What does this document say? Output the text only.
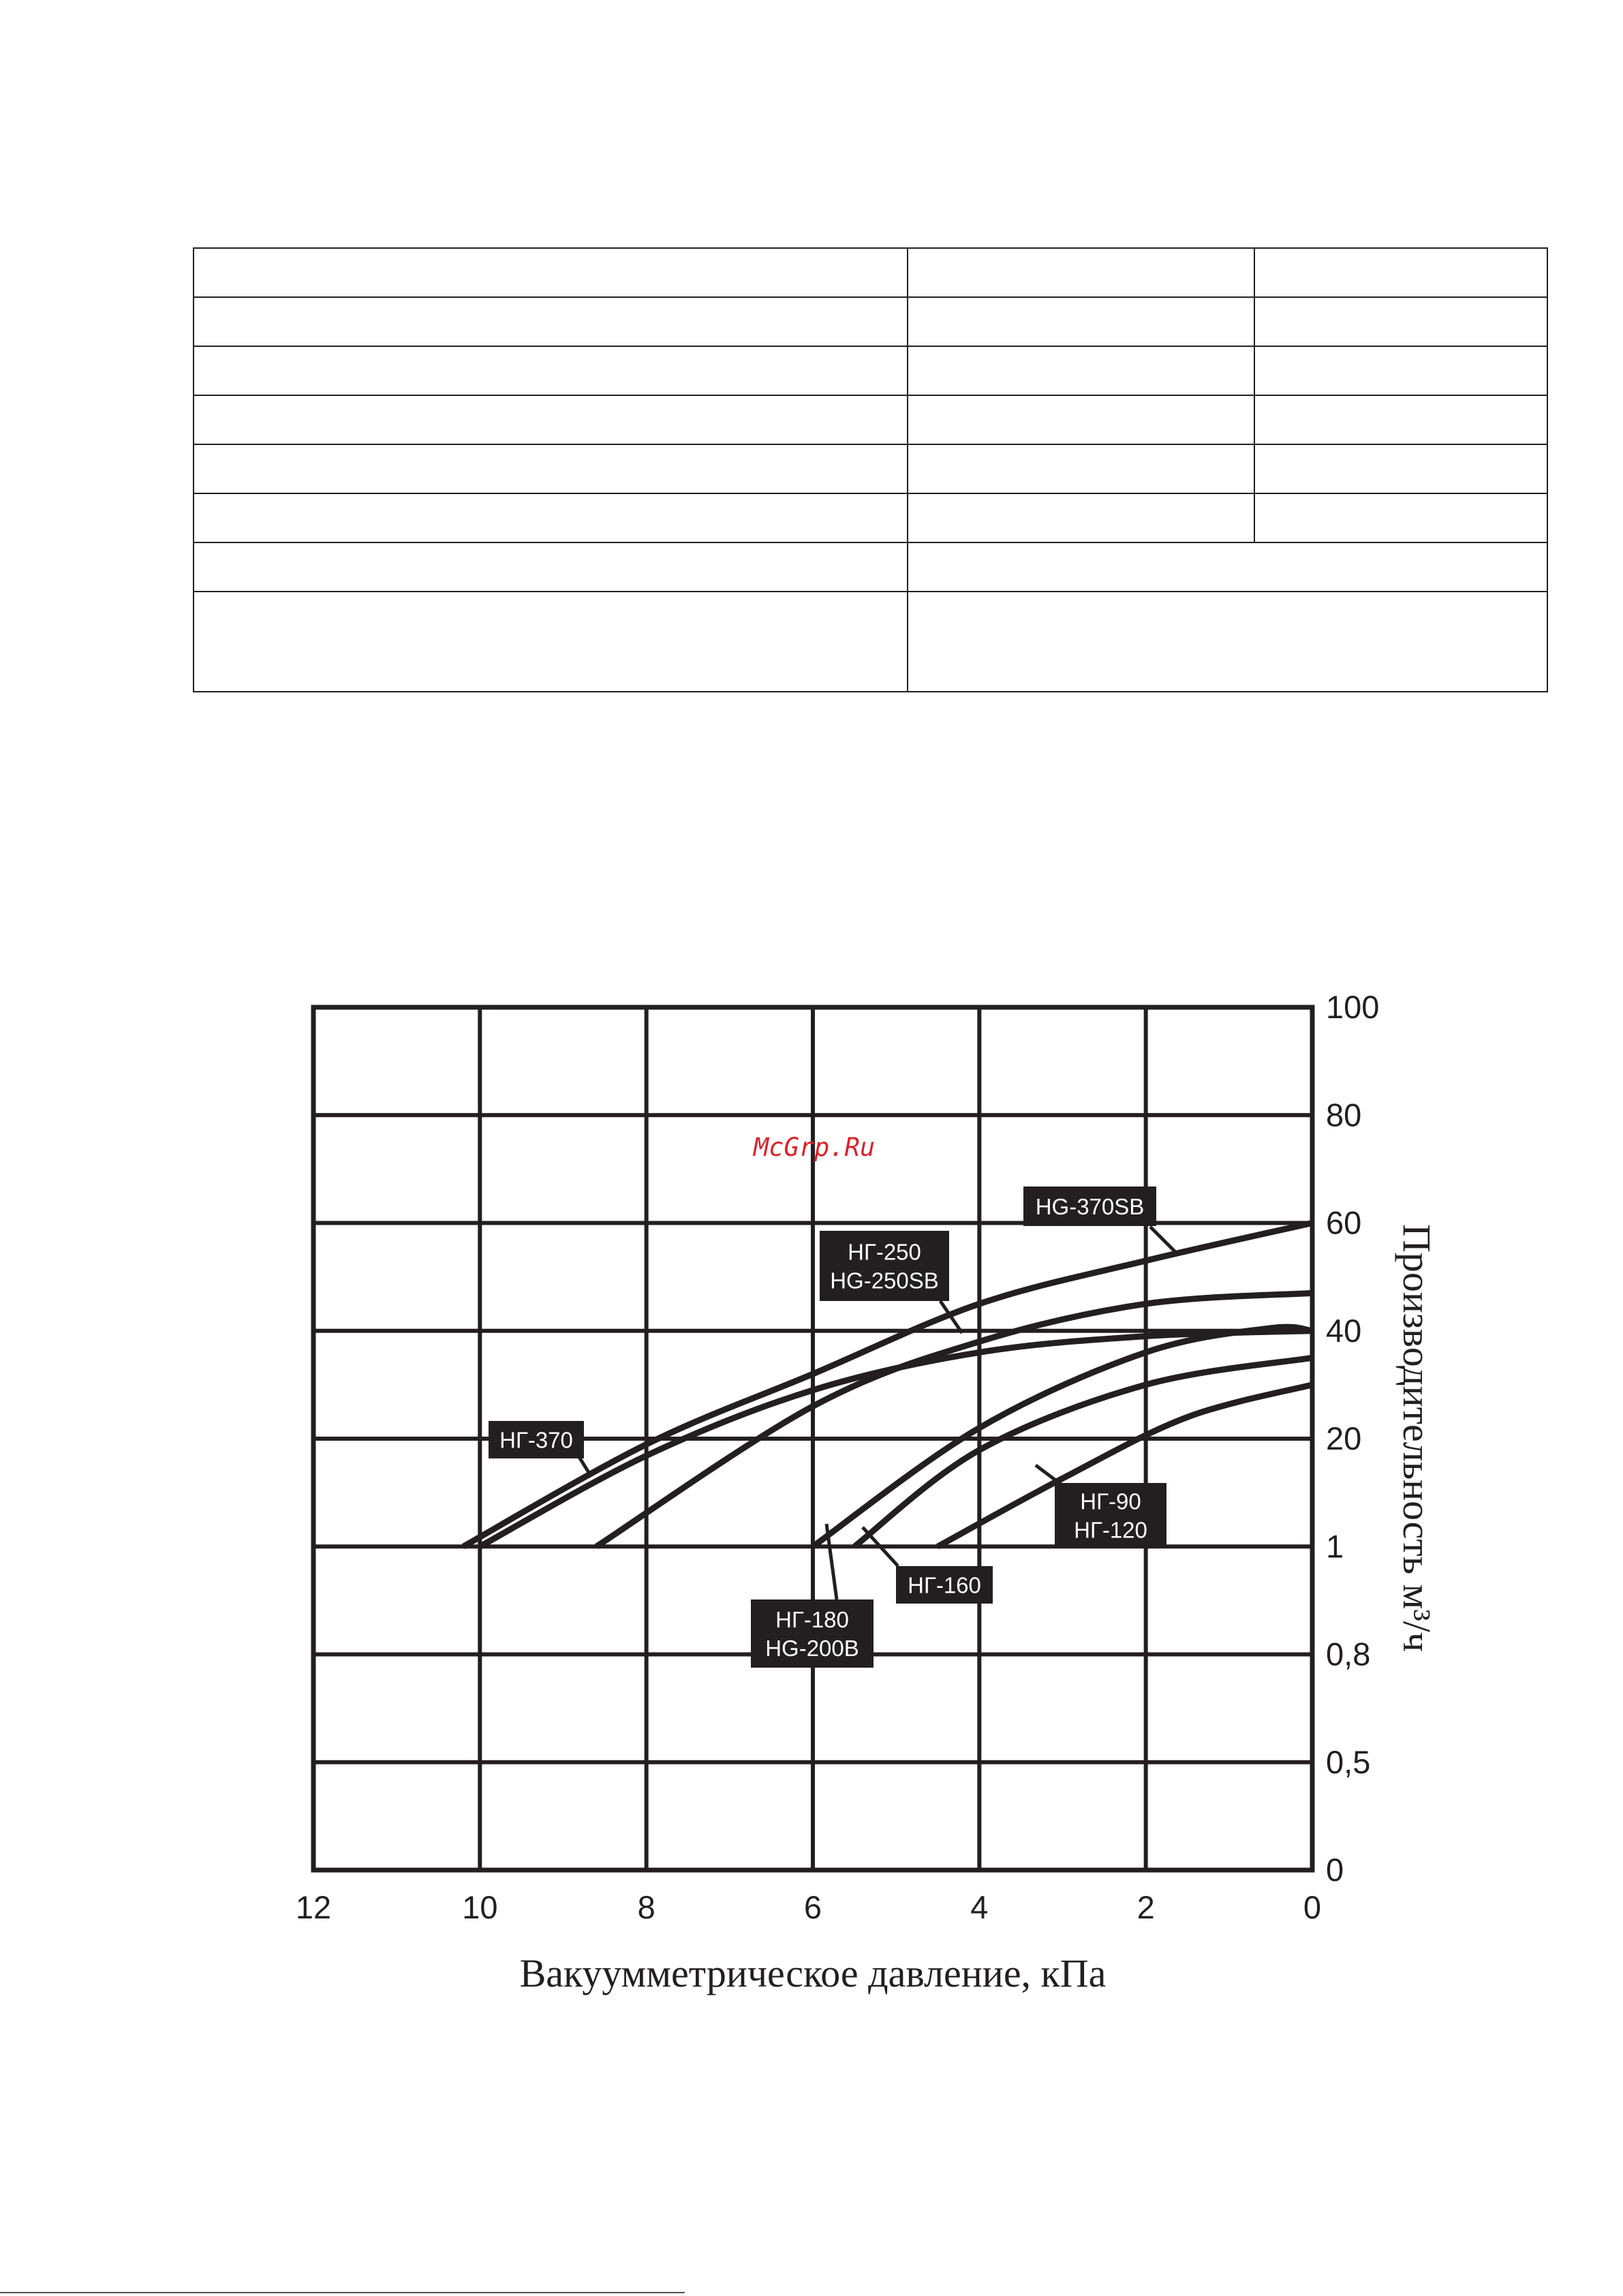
12	10	8	6	4	2	0
0
0,5
0,8
1
20
40
60
80
100
Вакуумметрическое давление, кПа
Производительность м³/ч
McGrp.Ru
HG-370SB
НГ-250
HG-250SB
НГ-370
НГ-180
HG-200B
НГ-160
НГ-90
НГ-120
